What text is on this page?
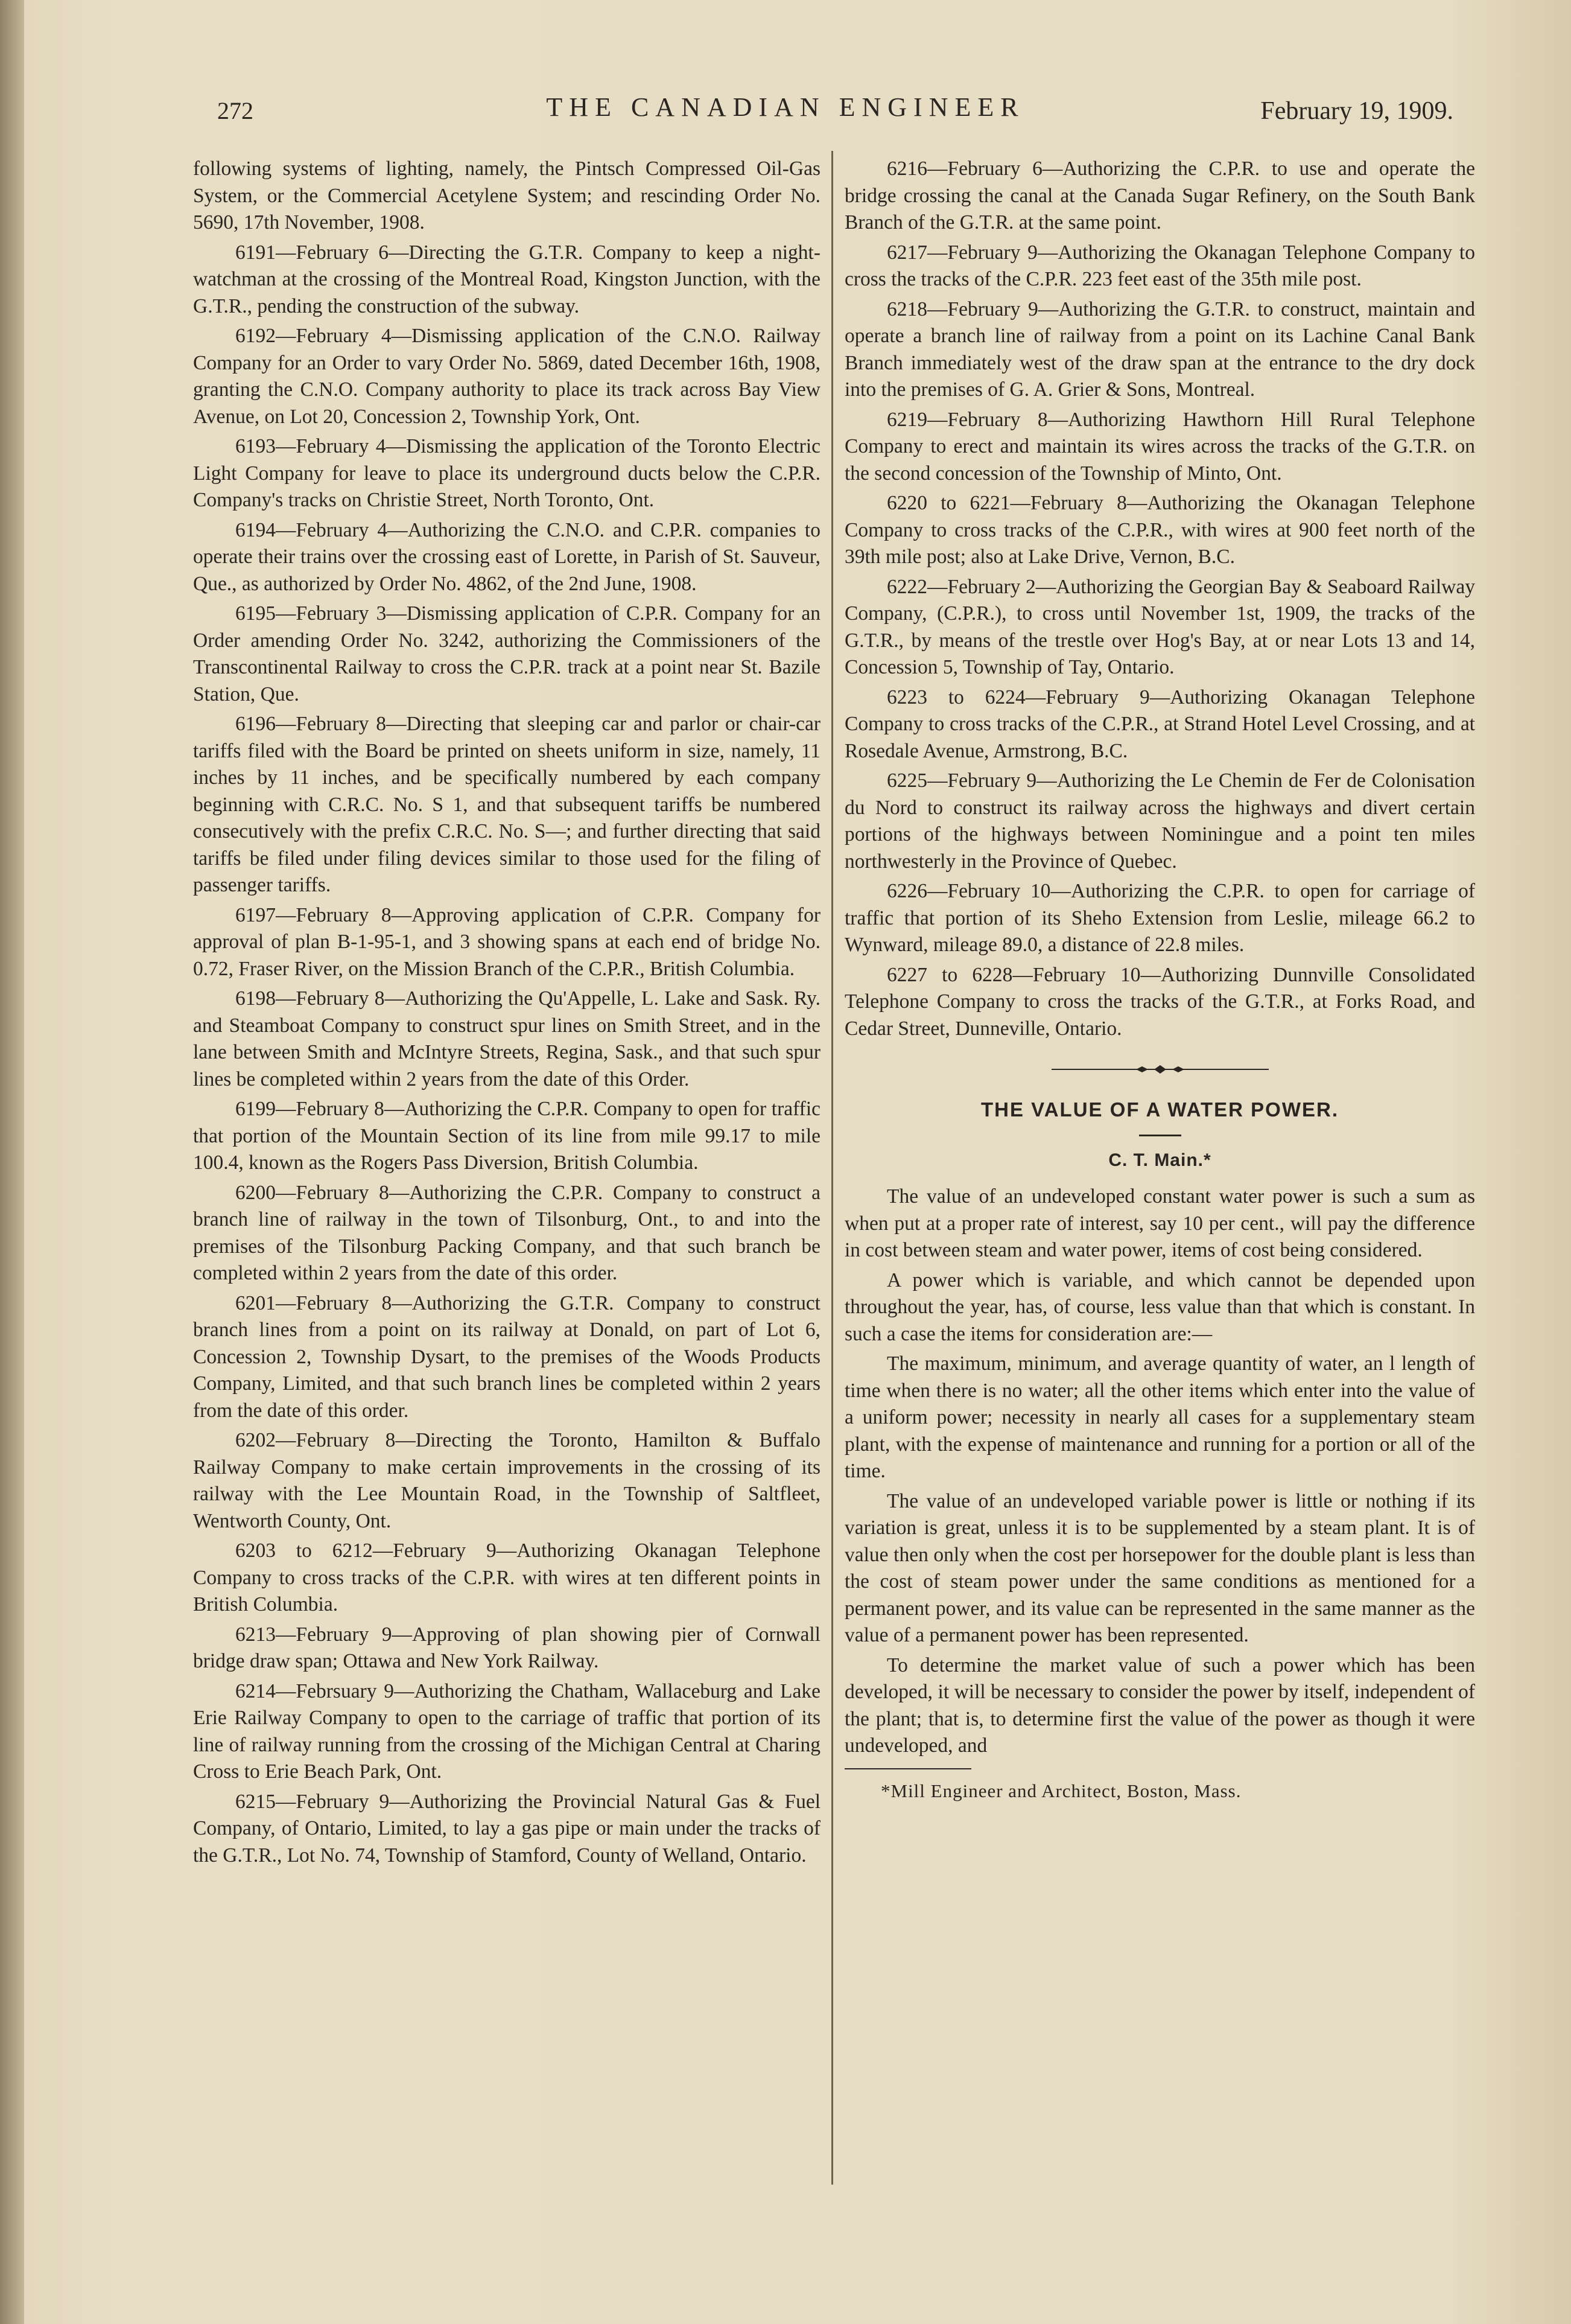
272	THE CANADIAN ENGINEER	February 19, 1909.

following systems of lighting, namely, the Pintsch Compressed Oil-Gas System, or the Commercial Acetylene System; and rescinding Order No. 5690, 17th November, 1908.

6191—February 6—Directing the G.T.R. Company to keep a night-watchman at the crossing of the Montreal Road, Kingston Junction, with the G.T.R., pending the construction of the subway.

6192—February 4—Dismissing application of the C.N.O. Railway Company for an Order to vary Order No. 5869, dated December 16th, 1908, granting the C.N.O. Company authority to place its track across Bay View Avenue, on Lot 20, Concession 2, Township York, Ont.

6193—February 4—Dismissing the application of the Toronto Electric Light Company for leave to place its underground ducts below the C.P.R. Company's tracks on Christie Street, North Toronto, Ont.

6194—February 4—Authorizing the C.N.O. and C.P.R. companies to operate their trains over the crossing east of Lorette, in Parish of St. Sauveur, Que., as authorized by Order No. 4862, of the 2nd June, 1908.

6195—February 3—Dismissing application of C.P.R. Company for an Order amending Order No. 3242, authorizing the Commissioners of the Transcontinental Railway to cross the C.P.R. track at a point near St. Bazile Station, Que.

6196—February 8—Directing that sleeping car and parlor or chair-car tariffs filed with the Board be printed on sheets uniform in size, namely, 11 inches by 11 inches, and be specifically numbered by each company beginning with C.R.C. No. S 1, and that subsequent tariffs be numbered consecutively with the prefix C.R.C. No. S—; and further directing that said tariffs be filed under filing devices similar to those used for the filing of passenger tariffs.

6197—February 8—Approving application of C.P.R. Company for approval of plan B-1-95-1, and 3 showing spans at each end of bridge No. 0.72, Fraser River, on the Mission Branch of the C.P.R., British Columbia.

6198—February 8—Authorizing the Qu'Appelle, L. Lake and Sask. Ry. and Steamboat Company to construct spur lines on Smith Street, and in the lane between Smith and McIntyre Streets, Regina, Sask., and that such spur lines be completed within 2 years from the date of this Order.

6199—February 8—Authorizing the C.P.R. Company to open for traffic that portion of the Mountain Section of its line from mile 99.17 to mile 100.4, known as the Rogers Pass Diversion, British Columbia.

6200—February 8—Authorizing the C.P.R. Company to construct a branch line of railway in the town of Tilsonburg, Ont., to and into the premises of the Tilsonburg Packing Company, and that such branch be completed within 2 years from the date of this order.

6201—February 8—Authorizing the G.T.R. Company to construct branch lines from a point on its railway at Donald, on part of Lot 6, Concession 2, Township Dysart, to the premises of the Woods Products Company, Limited, and that such branch lines be completed within 2 years from the date of this order.

6202—February 8—Directing the Toronto, Hamilton & Buffalo Railway Company to make certain improvements in the crossing of its railway with the Lee Mountain Road, in the Township of Saltfleet, Wentworth County, Ont.

6203 to 6212—February 9—Authorizing Okanagan Telephone Company to cross tracks of the C.P.R. with wires at ten different points in British Columbia.

6213—February 9—Approving of plan showing pier of Cornwall bridge draw span; Ottawa and New York Railway.

6214—Febrsuary 9—Authorizing the Chatham, Wallaceburg and Lake Erie Railway Company to open to the carriage of traffic that portion of its line of railway running from the crossing of the Michigan Central at Charing Cross to Erie Beach Park, Ont.

6215—February 9—Authorizing the Provincial Natural Gas & Fuel Company, of Ontario, Limited, to lay a gas pipe or main under the tracks of the G.T.R., Lot No. 74, Township of Stamford, County of Welland, Ontario.

6216—February 6—Authorizing the C.P.R. to use and operate the bridge crossing the canal at the Canada Sugar Refinery, on the South Bank Branch of the G.T.R. at the same point.

6217—February 9—Authorizing the Okanagan Telephone Company to cross the tracks of the C.P.R. 223 feet east of the 35th mile post.

6218—February 9—Authorizing the G.T.R. to construct, maintain and operate a branch line of railway from a point on its Lachine Canal Bank Branch immediately west of the draw span at the entrance to the dry dock into the premises of G. A. Grier & Sons, Montreal.

6219—February 8—Authorizing Hawthorn Hill Rural Telephone Company to erect and maintain its wires across the tracks of the G.T.R. on the second concession of the Township of Minto, Ont.

6220 to 6221—February 8—Authorizing the Okanagan Telephone Company to cross tracks of the C.P.R., with wires at 900 feet north of the 39th mile post; also at Lake Drive, Vernon, B.C.

6222—February 2—Authorizing the Georgian Bay & Seaboard Railway Company, (C.P.R.), to cross until November 1st, 1909, the tracks of the G.T.R., by means of the trestle over Hog's Bay, at or near Lots 13 and 14, Concession 5, Township of Tay, Ontario.

6223 to 6224—February 9—Authorizing Okanagan Telephone Company to cross tracks of the C.P.R., at Strand Hotel Level Crossing, and at Rosedale Avenue, Armstrong, B.C.

6225—February 9—Authorizing the Le Chemin de Fer de Colonisation du Nord to construct its railway across the highways and divert certain portions of the highways between Nominingue and a point ten miles northwesterly in the Province of Quebec.

6226—February 10—Authorizing the C.P.R. to open for carriage of traffic that portion of its Sheho Extension from Leslie, mileage 66.2 to Wynward, mileage 89.0, a distance of 22.8 miles.

6227 to 6228—February 10—Authorizing Dunnville Consolidated Telephone Company to cross the tracks of the G.T.R., at Forks Road, and Cedar Street, Dunneville, Ontario.

THE VALUE OF A WATER POWER.
C. T. Main.*

The value of an undeveloped constant water power is such a sum as when put at a proper rate of interest, say 10 per cent., will pay the difference in cost between steam and water power, items of cost being considered.

A power which is variable, and which cannot be depended upon throughout the year, has, of course, less value than that which is constant. In such a case the items for consideration are:—

The maximum, minimum, and average quantity of water, an l length of time when there is no water; all the other items which enter into the value of a uniform power; necessity in nearly all cases for a supplementary steam plant, with the expense of maintenance and running for a portion or all of the time.

The value of an undeveloped variable power is little or nothing if its variation is great, unless it is to be supplemented by a steam plant. It is of value then only when the cost per horsepower for the double plant is less than the cost of steam power under the same conditions as mentioned for a permanent power, and its value can be represented in the same manner as the value of a permanent power has been represented.

To determine the market value of such a power which has been developed, it will be necessary to consider the power by itself, independent of the plant; that is, to determine first the value of the power as though it were undeveloped, and

*Mill Engineer and Architect, Boston, Mass.
